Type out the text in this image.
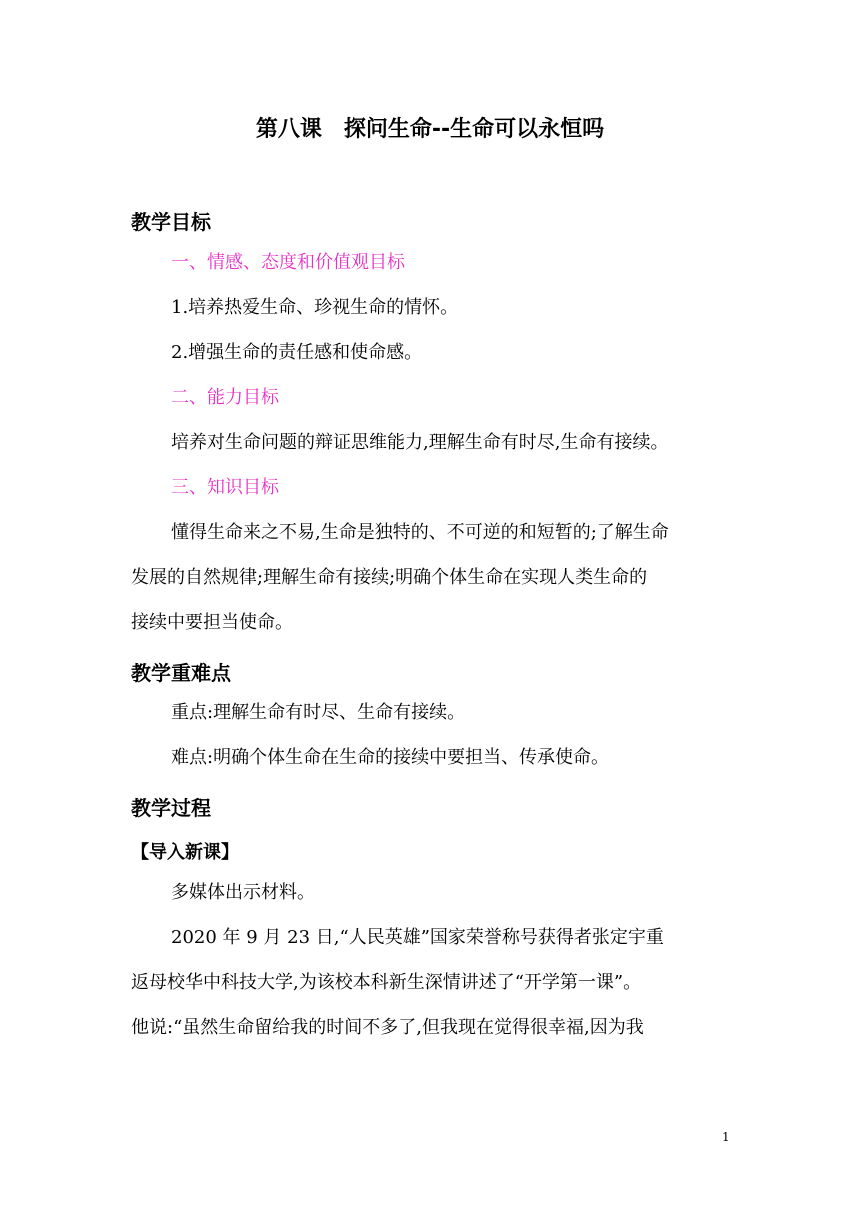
第八课　探问生命--生命可以永恒吗
教学目标
一、情感、态度和价值观目标
1.培养热爱生命、珍视生命的情怀。
2.增强生命的责任感和使命感。
二、能力目标
培养对生命问题的辩证思维能力,理解生命有时尽,生命有接续。
三、知识目标
懂得生命来之不易,生命是独特的、不可逆的和短暂的;了解生命
发展的自然规律;理解生命有接续;明确个体生命在实现人类生命的
接续中要担当使命。
教学重难点
重点:理解生命有时尽、生命有接续。
难点:明确个体生命在生命的接续中要担当、传承使命。
教学过程
【导入新课】
多媒体出示材料。
2020 年 9 月 23 日,“人民英雄”国家荣誉称号获得者张定宇重
返母校华中科技大学,为该校本科新生深情讲述了“开学第一课”。
他说:“虽然生命留给我的时间不多了,但我现在觉得很幸福,因为我
1
